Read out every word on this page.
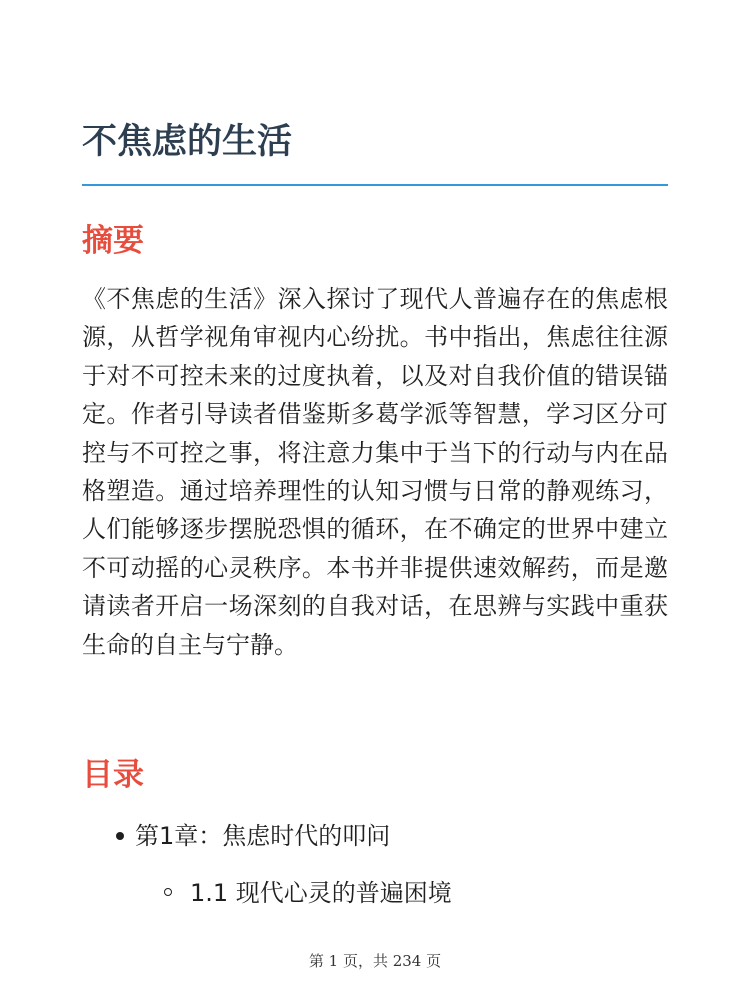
不焦虑的生活
摘要

《不焦虑的生活》深入探讨了现代人普遍存在的焦虑根源，从哲学视角审视内心纷扰。书中指出，焦虑往往源于对不可控未来的过度执着，以及对自我价值的错误锚定。作者引导读者借鉴斯多葛学派等智慧，学习区分可控与不可控之事，将注意力集中于当下的行动与内在品格塑造。通过培养理性的认知习惯与日常的静观练习，人们能够逐步摆脱恐惧的循环，在不确定的世界中建立不可动摇的心灵秩序。本书并非提供速效解药，而是邀请读者开启一场深刻的自我对话，在思辨与实践中重获生命的自主与宁静。

目录
第1章：焦虑时代的叩问
1.1 现代心灵的普遍困境
第 1 页，共 234 页
